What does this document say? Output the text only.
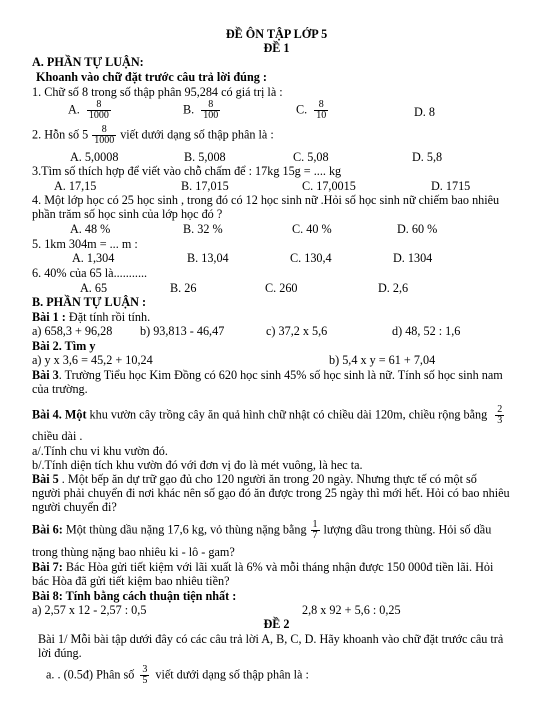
ĐỀ ÔN TẬP LỚP 5
ĐỀ 1
A. PHẦN TỰ LUẬN:
Khoanh vào chữ đặt trước câu trả lời đúng :
1. Chữ số 8 trong số thập phân 95,284 có giá trị là :
A. $\frac{8}{1000}$	B. $\frac{8}{100}$	C. $\frac{8}{10}$	D. 8
2. Hỗn số $5 \frac{8}{1000}$ viết dưới dạng số thập phân là :
A. 5,0008	B. 5,008	C. 5,08	D. 5,8
3.Tìm số thích hợp để viết vào chỗ chấm để : 17kg 15g = .... kg
A. 17,15	B. 17,015	C. 17,0015	D. 1715
4. Một lớp học có 25 học sinh , trong đó có 12 học sinh nữ .Hỏi số học sinh nữ chiếm bao nhiêu
phần trăm số học sinh của lớp học đó ?
A. 48 %	B. 32 %	C. 40 %	D. 60 %
5. 1km 304m = ... m :
A. 1,304	B. 13,04	C. 130,4	D. 1304
6. 40% của 65 là...........
A. 65	B. 26	C. 260	D. 2,6
B. PHẦN TỰ LUẬN :
Bài 1 : Đặt tính rồi tính.
a) 658,3 + 96,28 b) 93,813 - 46,47	c) 37,2 x 5,6	d) 48, 52 : 1,6
Bài 2. Tìm y
a) y x 3,6 = 45,2 + 10,24	b) 5,4 x y = 61 + 7,04
Bài 3. Trường Tiểu học Kim Đồng có 620 học sinh 45% số học sinh là nữ. Tính số học sinh nam
của trường.
Bài 4. Một khu vườn cây trồng cây ăn quả hình chữ nhật có chiều dài 120m, chiều rộng bằng $\frac{2}{3}$
chiều dài .
a/.Tính chu vi khu vườn đó.
b/.Tính diện tích khu vườn đó với đơn vị đo là mét vuông, là hec ta.
Bài 5 . Một bếp ăn dự trữ gạo đủ cho 120 người ăn trong 20 ngày. Nhưng thực tế có một số
người phải chuyển đi nơi khác nên số gạo đó ăn được trong 25 ngày thì mới hết. Hỏi có bao nhiêu
người chuyển đi?
Bài 6: Một thùng dầu nặng 17,6 kg, vỏ thùng nặng bằng $\frac{1}{7}$ lượng dầu trong thùng. Hỏi số dầu
trong thùng nặng bao nhiêu ki - lô - gam?
Bài 7: Bác Hòa gửi tiết kiệm với lãi xuất là 6% và mỗi tháng nhận được 150 000đ tiền lãi. Hỏi
bác Hòa đã gửi tiết kiệm bao nhiêu tiền?
Bài 8: Tính bằng cách thuận tiện nhất :
a) 2,57 x 12 - 2,57 : 0,5	2,8 x 92 + 5,6 : 0,25
ĐỀ 2
Bài 1/ Mỗi bài tập dưới đây có các câu trả lời A, B, C, D. Hãy khoanh vào chữ đặt trước câu trả
lời đúng.
a. . (0.5đ) Phân số $\frac{3}{5}$ viết dưới dạng số thập phân là :
